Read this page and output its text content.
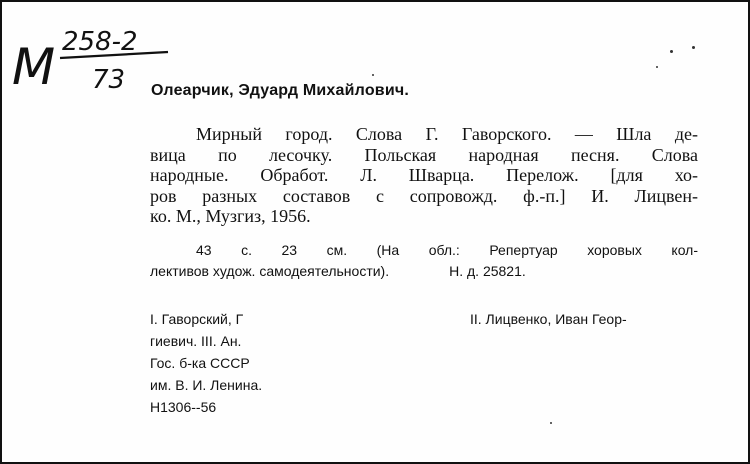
М 258-2
73 Олеарчик, Эдуард Михайлович.
Мирный город. Слова Г. Гаворского. — Шла де-
вица по лесочку. Польская народная песня. Слова
народные. Обработ. Л. Шварца. Перелож. [для хо-
ров разных составов с сопровожд. ф.-п.] И. Лицвен-
ко. М., Музгиз, 1956.
43 с. 23 см. (На обл.: Репертуар хоровых кол-
лективов худож. самодеятельности).	Н. д. 25821.
I. Гаворский, Г
гиевич. III. Ан.
Гос. б-ка СССР
им. В. И. Ленина.
Н1306--56
II. Лицвенко, Иван Геор-
